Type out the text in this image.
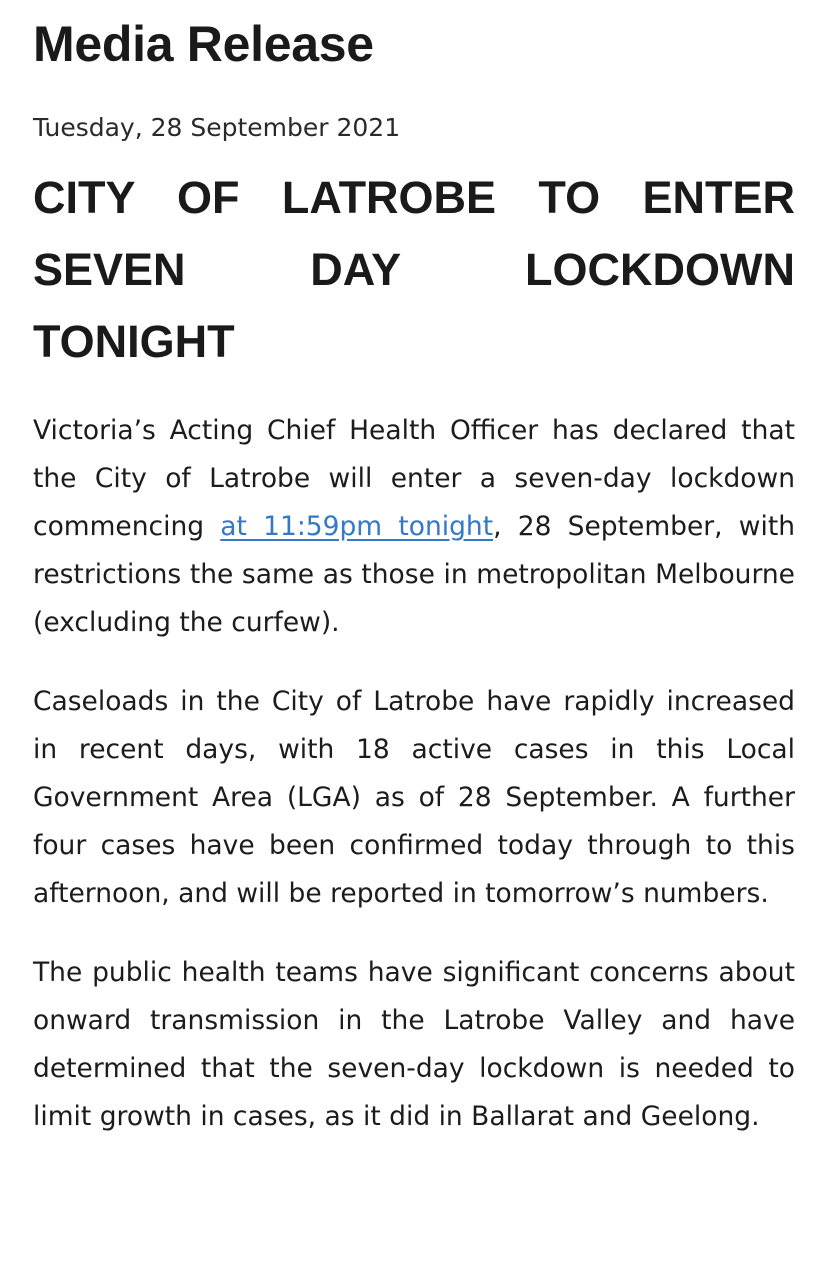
Media Release
Tuesday, 28 September 2021
CITY OF LATROBE TO ENTER SEVEN DAY LOCKDOWN TONIGHT

Victoria’s Acting Chief Health Officer has declared that the City of Latrobe will enter a seven-day lockdown commencing at 11:59pm tonight, 28 September, with restrictions the same as those in metropolitan Melbourne (excluding the curfew).

Caseloads in the City of Latrobe have rapidly increased in recent days, with 18 active cases in this Local Government Area (LGA) as of 28 September. A further four cases have been confirmed today through to this afternoon, and will be reported in tomorrow’s numbers.

The public health teams have significant concerns about onward transmission in the Latrobe Valley and have determined that the seven-day lockdown is needed to limit growth in cases, as it did in Ballarat and Geelong.
